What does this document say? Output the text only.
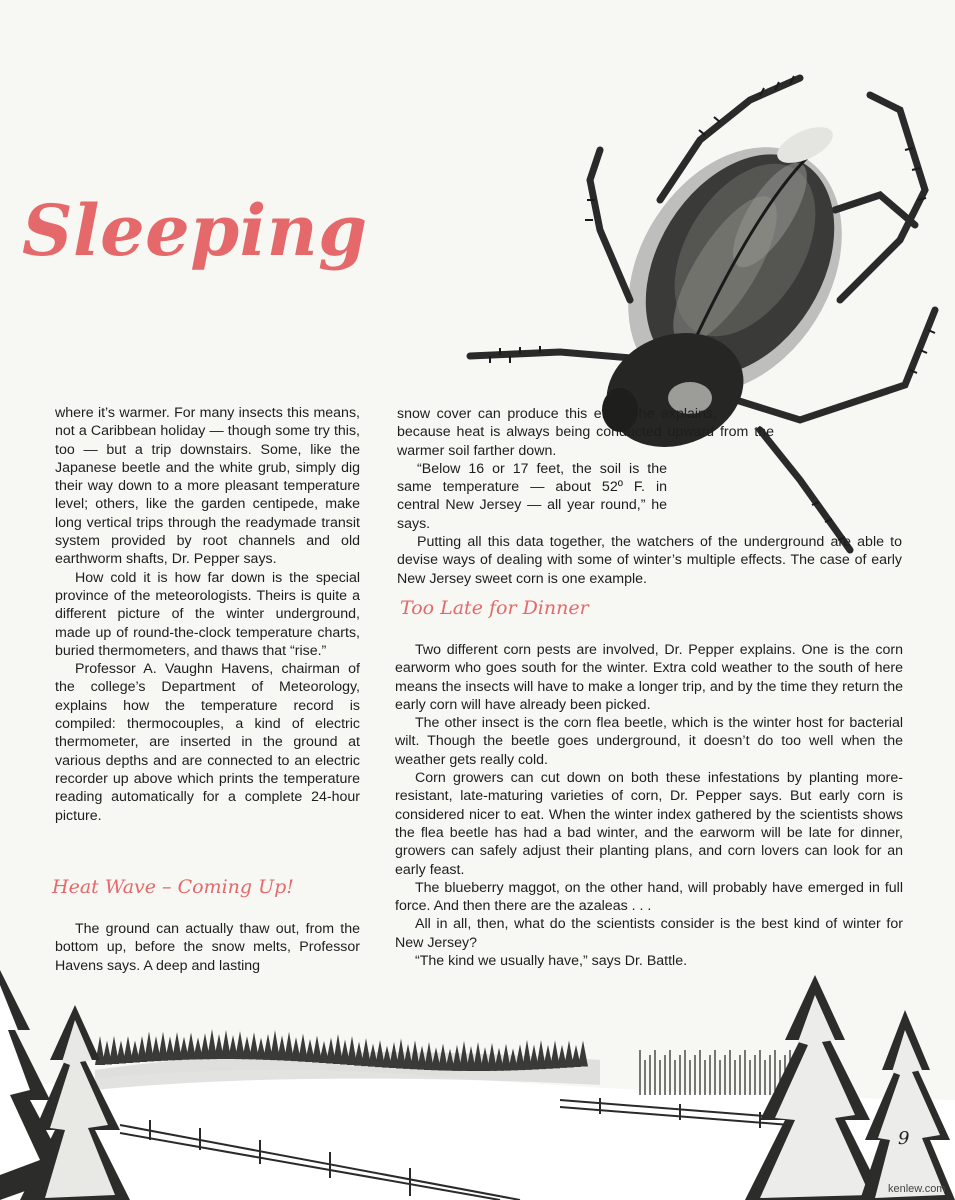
Sleeping

where it’s warmer. For many insects this means, not a Caribbean holiday — though some try this, too — but a trip downstairs. Some, like the Japanese beetle and the white grub, simply dig their way down to a more pleasant temperature level; others, like the garden centipede, make long vertical trips through the readymade transit system provided by root channels and old earthworm shafts, Dr. Pepper says.

How cold it is how far down is the special province of the meteorologists. Theirs is quite a different picture of the winter underground, made up of round-the-clock temperature charts, buried thermometers, and thaws that “rise.”

Professor A. Vaughn Havens, chairman of the college’s Department of Meteorology, explains how the temperature record is compiled: thermocouples, a kind of electric thermometer, are inserted in the ground at various depths and are connected to an electric recorder up above which prints the temperature reading automatically for a complete 24-hour picture.

Heat Wave – Coming Up!

The ground can actually thaw out, from the bottom up, before the snow melts, Professor Havens says. A deep and lasting

snow cover can produce this effect, he explains, because heat is always being conducted upward from the warmer soil farther down.

“Below 16 or 17 feet, the soil is the same temperature — about 52º F. in central New Jersey — all year round,” he says.

Putting all this data together, the watchers of the underground are able to devise ways of dealing with some of winter’s multiple effects. The case of early New Jersey sweet corn is one example.

Too Late for Dinner

Two different corn pests are involved, Dr. Pepper explains. One is the corn earworm who goes south for the winter. Extra cold weather to the south of here means the insects will have to make a longer trip, and by the time they return the early corn will have already been picked.

The other insect is the corn flea beetle, which is the winter host for bacterial wilt. Though the beetle goes underground, it doesn’t do too well when the weather gets really cold.

Corn growers can cut down on both these infestations by planting more-resistant, late-maturing varieties of corn, Dr. Pepper says. But early corn is considered nicer to eat. When the winter index gathered by the scientists shows the flea beetle has had a bad winter, and the earworm will be late for dinner, growers can safely adjust their planting plans, and corn lovers can look for an early feast.

The blueberry maggot, on the other hand, will probably have emerged in full force. And then there are the azaleas . . .

All in all, then, what do the scientists consider is the best kind of winter for New Jersey?

“The kind we usually have,” says Dr. Battle.

9

kenlew.com
